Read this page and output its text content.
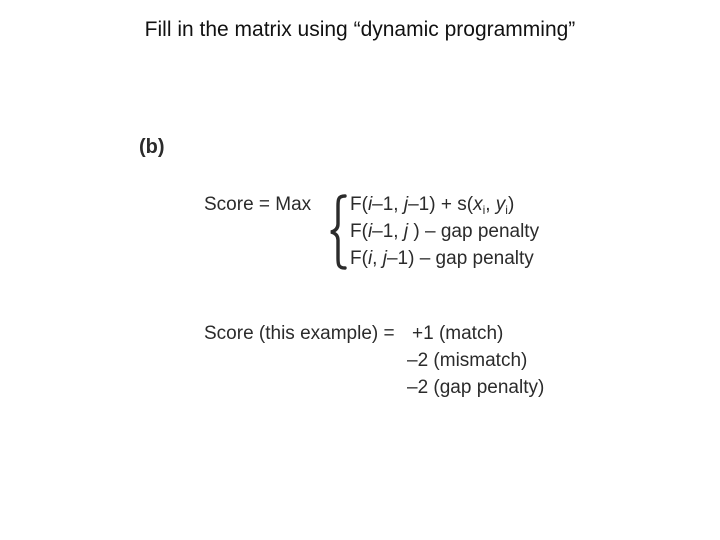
Fill in the matrix using “dynamic programming”
(b)
Score = Max F(i–1, $j-1) + s(x_i$, $y_i$)
F(i–1, j ) – gap penalty
F(i, j–1) – gap penalty
Score (this example) = +1 (match)
–2 (mismatch)
–2 (gap penalty)
